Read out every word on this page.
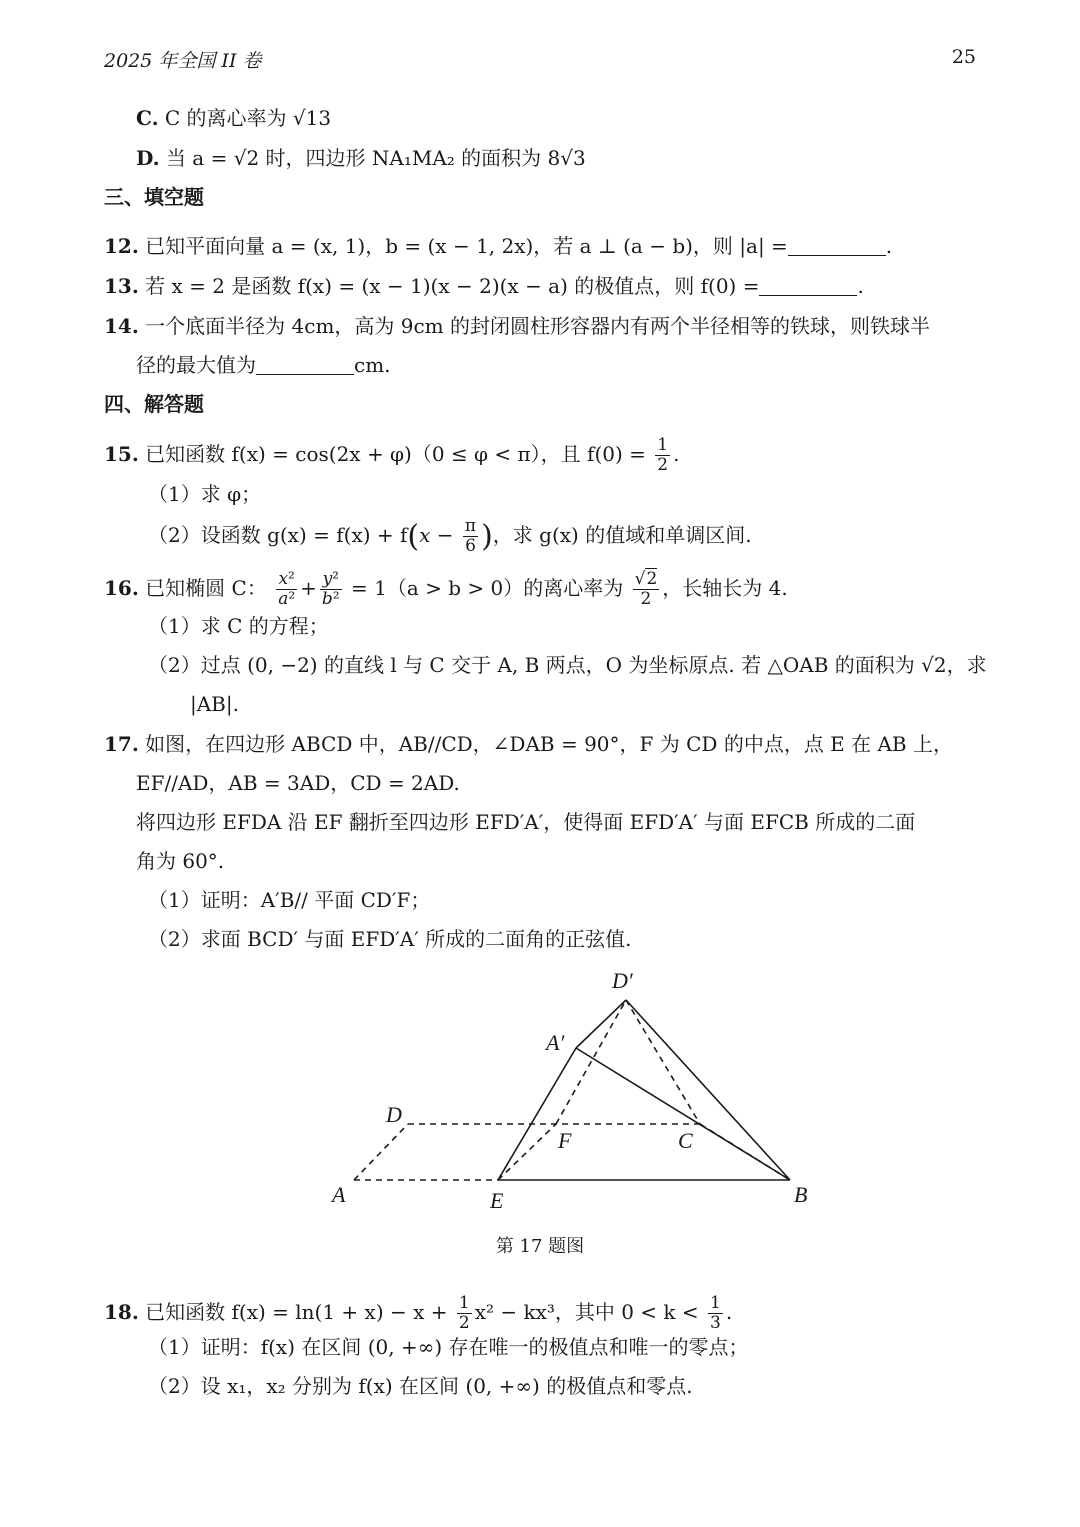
2025 年全国 II 卷	25
C. C 的离心率为 √13
D. 当 a = √2 时，四边形 NA₁MA₂ 的面积为 8√3
三、填空题
12. 已知平面向量 a = (x, 1)，b = (x − 1, 2x)，若 a ⊥ (a − b)，则 |a| =	.
13. 若 x = 2 是函数 f(x) = (x − 1)(x − 2)(x − a) 的极值点，则 f(0) =	.
14. 一个底面半径为 4cm，高为 9cm 的封闭圆柱形容器内有两个半径相等的铁球，则铁球半
径的最大值为	cm.
四、解答题
15. 已知函数 f(x) = cos(2x + φ)（0 ≤ φ < π），且 $f(0) = \frac{1}{2}$ .
（1）求 φ；
（2）设函数 $g(x) = f(x) + f(x - \frac{\pi}{6}$ )，求 g(x) 的值域和单调区间.
16. 已知椭圆 C： $\frac{\text{x²}}{\text{a²}} + \frac{\text{y²}}{\text{b²}} = 1(a > b > 0)$的离心率为 $\frac{√2}{2}$ ，长轴长为 4.
（1）求 C 的方程；
（2）过点 (0, −2) 的直线 l 与 C 交于 A, B 两点，O 为坐标原点. 若 △OAB 的面积为 √2，求
|AB|.
17. 如图，在四边形 ABCD 中，AB//CD，∠DAB = 90°，F 为 CD 的中点，点 E 在 AB 上，
EF//AD，AB = 3AD，CD = 2AD.
将四边形 EFDA 沿 EF 翻折至四边形 EFD′A′，使得面 EFD′A′ 与面 EFCB 所成的二面
角为 60°.
（1）证明：A′B// 平面 CD′F；
（2）求面 BCD′ 与面 EFD′A′ 所成的二面角的正弦值.
D′
A′
D
F	C
A	E	B
第 17 题图
18. 已知函数 $f(x) = \ln(1 + x) - x + \frac{1}{2} x^2 - kx^3$，其中 $0 < k < \frac{1}{3}$ .
（1）证明：f(x) 在区间 (0, +∞) 存在唯一的极值点和唯一的零点；
（2）设 x₁，x₂ 分别为 f(x) 在区间 (0, +∞) 的极值点和零点.
